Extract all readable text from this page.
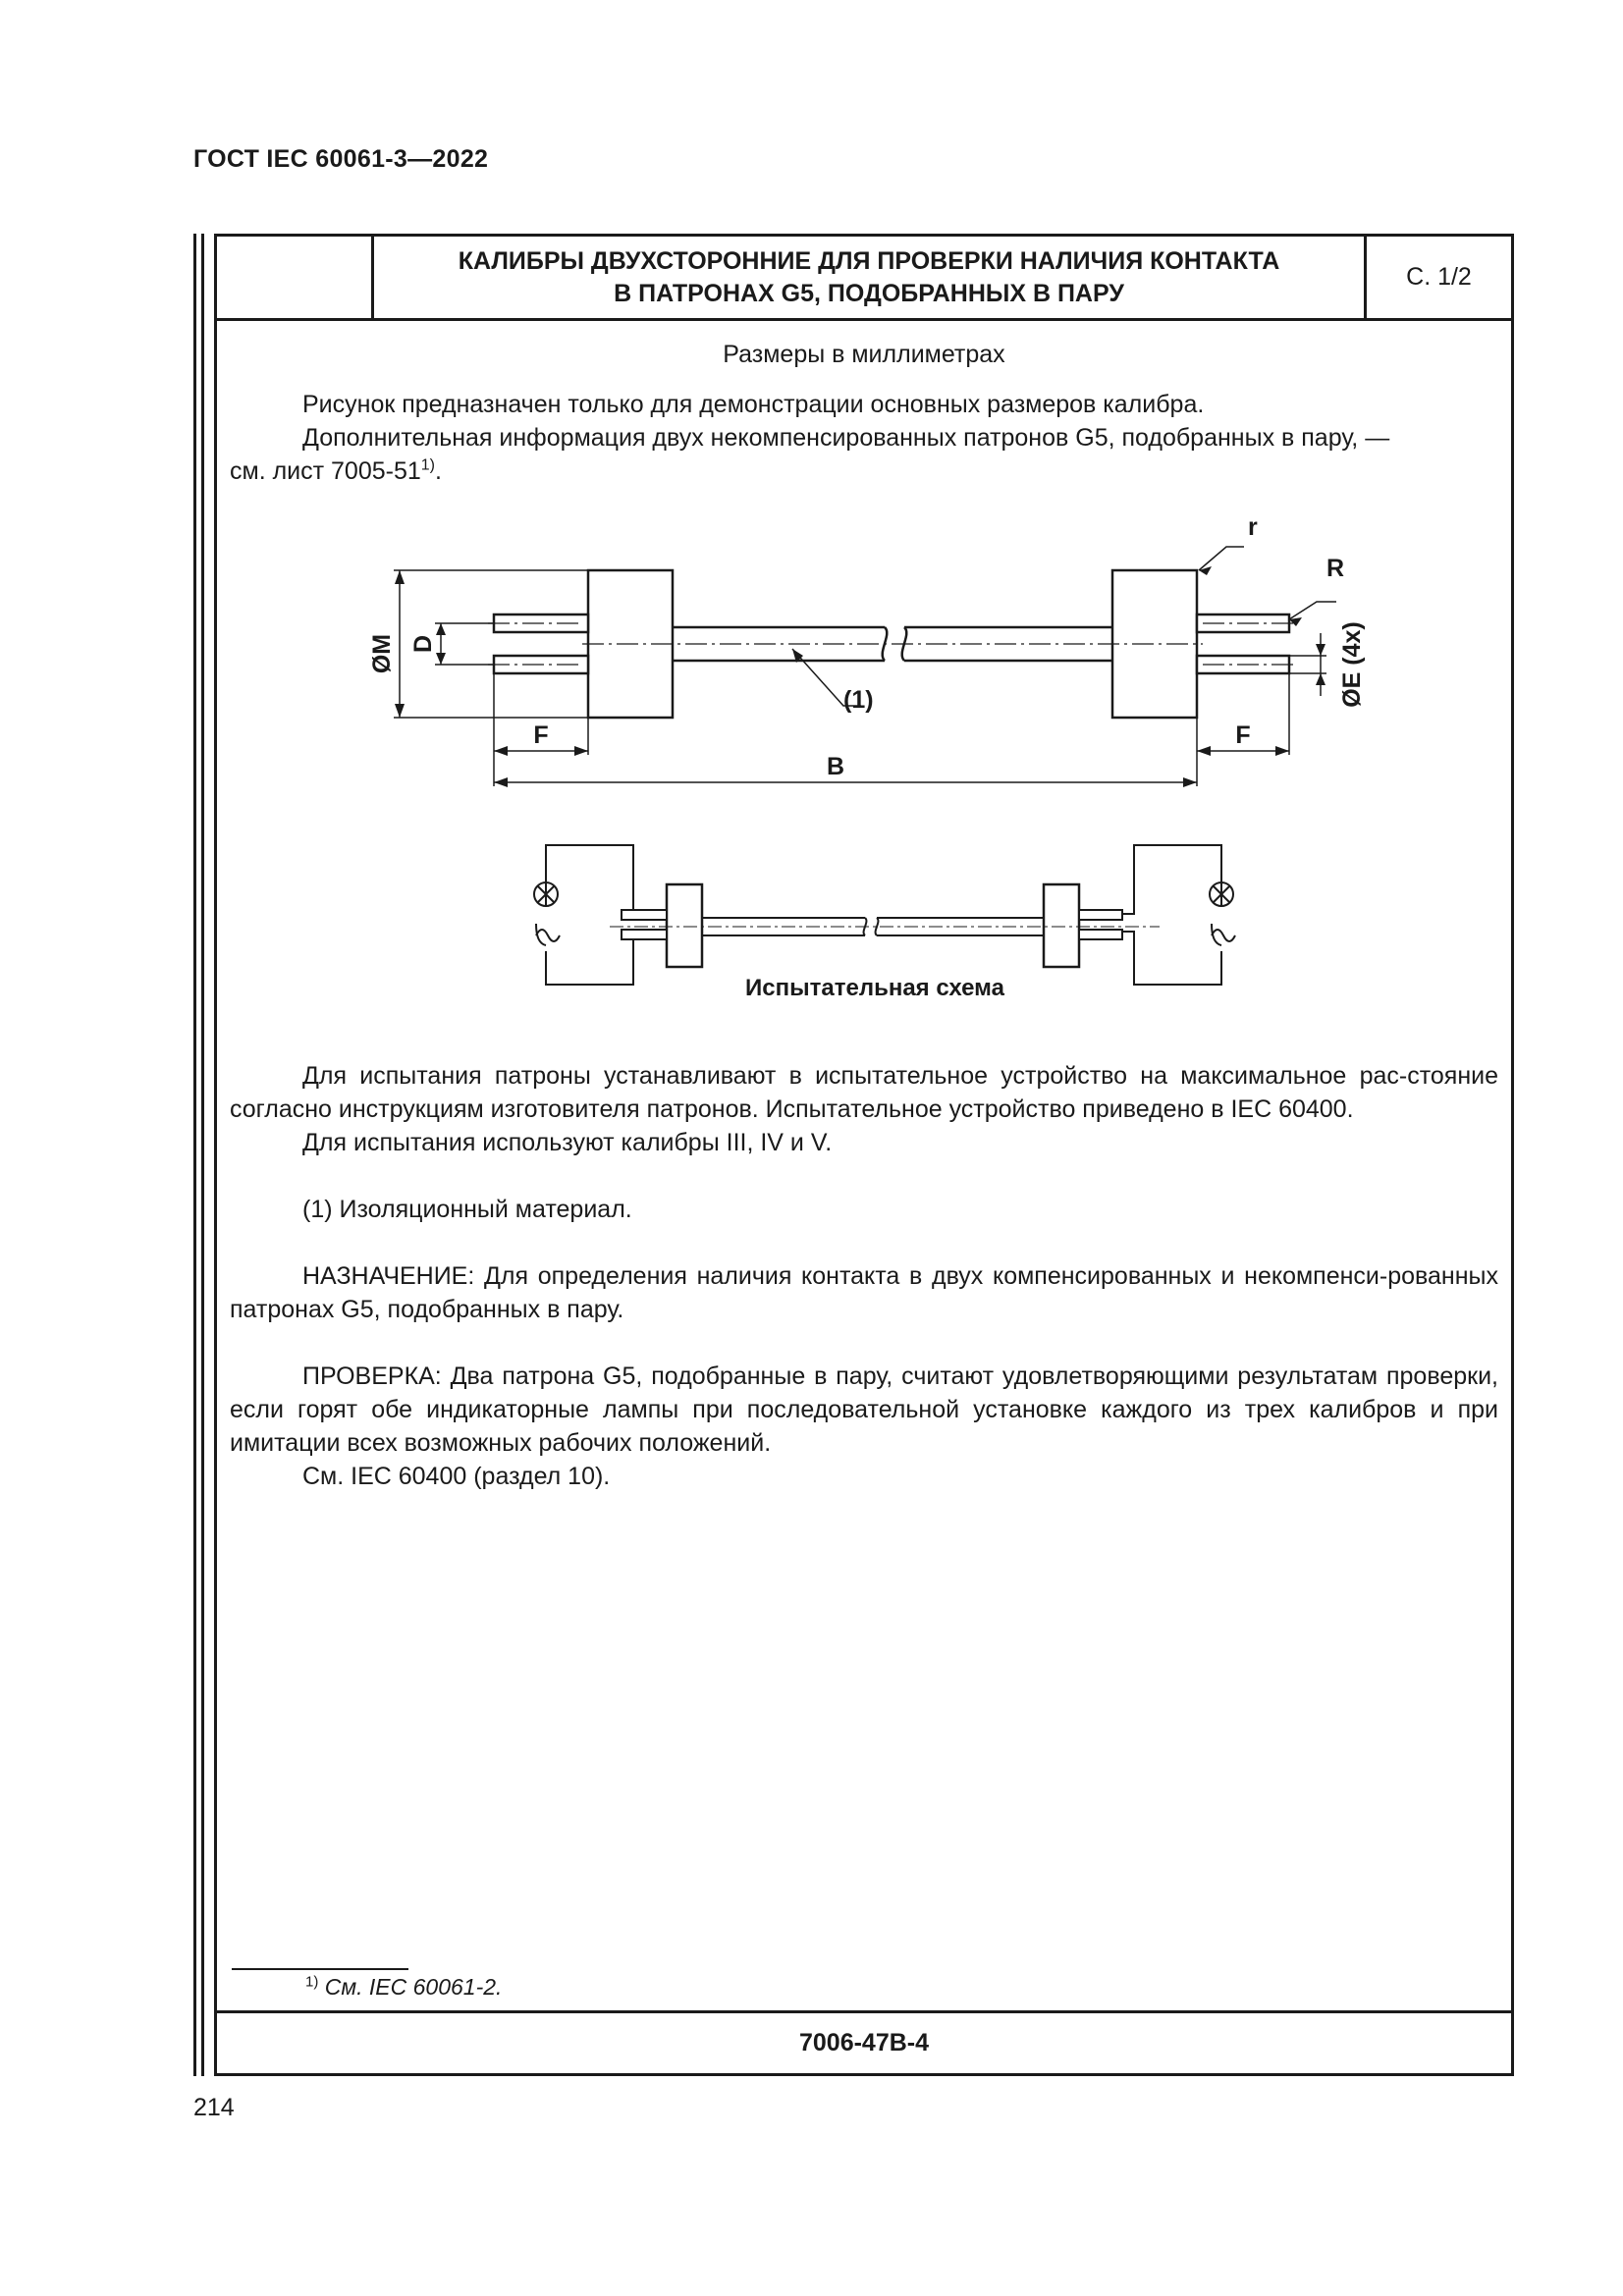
ГОСТ IEC 60061-3—2022
КАЛИБРЫ ДВУХСТОРОННИЕ ДЛЯ ПРОВЕРКИ НАЛИЧИЯ КОНТАКТА
В ПАТРОНАХ G5, ПОДОБРАННЫХ В ПАРУ
С. 1/2
Размеры в миллиметрах

Рисунок предназначен только для демонстрации основных размеров калибра.

Дополнительная информация двух некомпенсированных патронов G5, подобранных в пару, —

см. лист 7005-51$^{1)}$.

ØM D
F	F
B
r
R
ØE (4x)
(1)
Испытательная схема

Для испытания патроны устанавливают в испытательное устройство на максимальное рас-стояние согласно инструкциям изготовителя патронов. Испытательное устройство приведено в IEC 60400.

Для испытания используют калибры III, IV и V.

(1) Изоляционный материал.

НАЗНАЧЕНИЕ: Для определения наличия контакта в двух компенсированных и некомпенси-рованных патронах G5, подобранных в пару.

ПРОВЕРКА: Два патрона G5, подобранные в пару, считают удовлетворяющими результатам проверки, если горят обе индикаторные лампы при последовательной установке каждого из трех калибров и при имитации всех возможных рабочих положений.

См. IEC 60400 (раздел 10).

$^{1)}$ См. IEC 60061-2.
7006-47B-4
214
